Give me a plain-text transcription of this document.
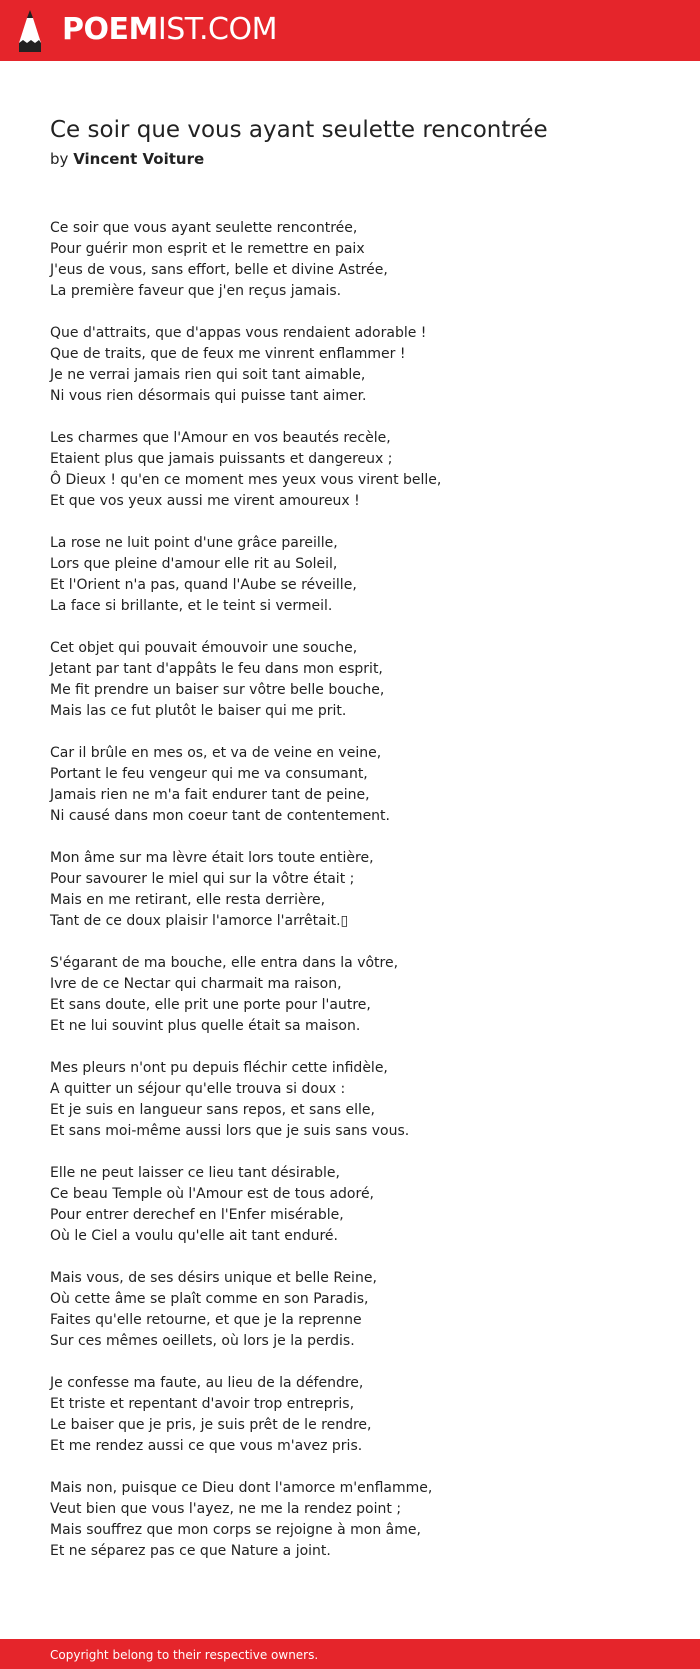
POEMIST.COM
Ce soir que vous ayant seulette rencontrée
by Vincent Voiture
Ce soir que vous ayant seulette rencontrée,
Pour guérir mon esprit et le remettre en paix
J'eus de vous, sans effort, belle et divine Astrée,
La première faveur que j'en reçus jamais.
Que d'attraits, que d'appas vous rendaient adorable !
Que de traits, que de feux me vinrent enflammer !
Je ne verrai jamais rien qui soit tant aimable,
Ni vous rien désormais qui puisse tant aimer.
Les charmes que l'Amour en vos beautés recèle,
Etaient plus que jamais puissants et dangereux ;
Ô Dieux ! qu'en ce moment mes yeux vous virent belle,
Et que vos yeux aussi me virent amoureux !
La rose ne luit point d'une grâce pareille,
Lors que pleine d'amour elle rit au Soleil,
Et l'Orient n'a pas, quand l'Aube se réveille,
La face si brillante, et le teint si vermeil.
Cet objet qui pouvait émouvoir une souche,
Jetant par tant d'appâts le feu dans mon esprit,
Me fit prendre un baiser sur vôtre belle bouche,
Mais las ce fut plutôt le baiser qui me prit.
Car il brûle en mes os, et va de veine en veine,
Portant le feu vengeur qui me va consumant,
Jamais rien ne m'a fait endurer tant de peine,
Ni causé dans mon coeur tant de contentement.
Mon âme sur ma lèvre était lors toute entière,
Pour savourer le miel qui sur la vôtre était ;
Mais en me retirant, elle resta derrière,
Tant de ce doux plaisir l'amorce l'arrêtait.▯
S'égarant de ma bouche, elle entra dans la vôtre,
Ivre de ce Nectar qui charmait ma raison,
Et sans doute, elle prit une porte pour l'autre,
Et ne lui souvint plus quelle était sa maison.
Mes pleurs n'ont pu depuis fléchir cette infidèle,
A quitter un séjour qu'elle trouva si doux :
Et je suis en langueur sans repos, et sans elle,
Et sans moi-même aussi lors que je suis sans vous.
Elle ne peut laisser ce lieu tant désirable,
Ce beau Temple où l'Amour est de tous adoré,
Pour entrer derechef en l'Enfer misérable,
Où le Ciel a voulu qu'elle ait tant enduré.
Mais vous, de ses désirs unique et belle Reine,
Où cette âme se plaît comme en son Paradis,
Faites qu'elle retourne, et que je la reprenne
Sur ces mêmes oeillets, où lors je la perdis.
Je confesse ma faute, au lieu de la défendre,
Et triste et repentant d'avoir trop entrepris,
Le baiser que je pris, je suis prêt de le rendre,
Et me rendez aussi ce que vous m'avez pris.
Mais non, puisque ce Dieu dont l'amorce m'enflamme,
Veut bien que vous l'ayez, ne me la rendez point ;
Mais souffrez que mon corps se rejoigne à mon âme,
Et ne séparez pas ce que Nature a joint.
Copyright belong to their respective owners.
